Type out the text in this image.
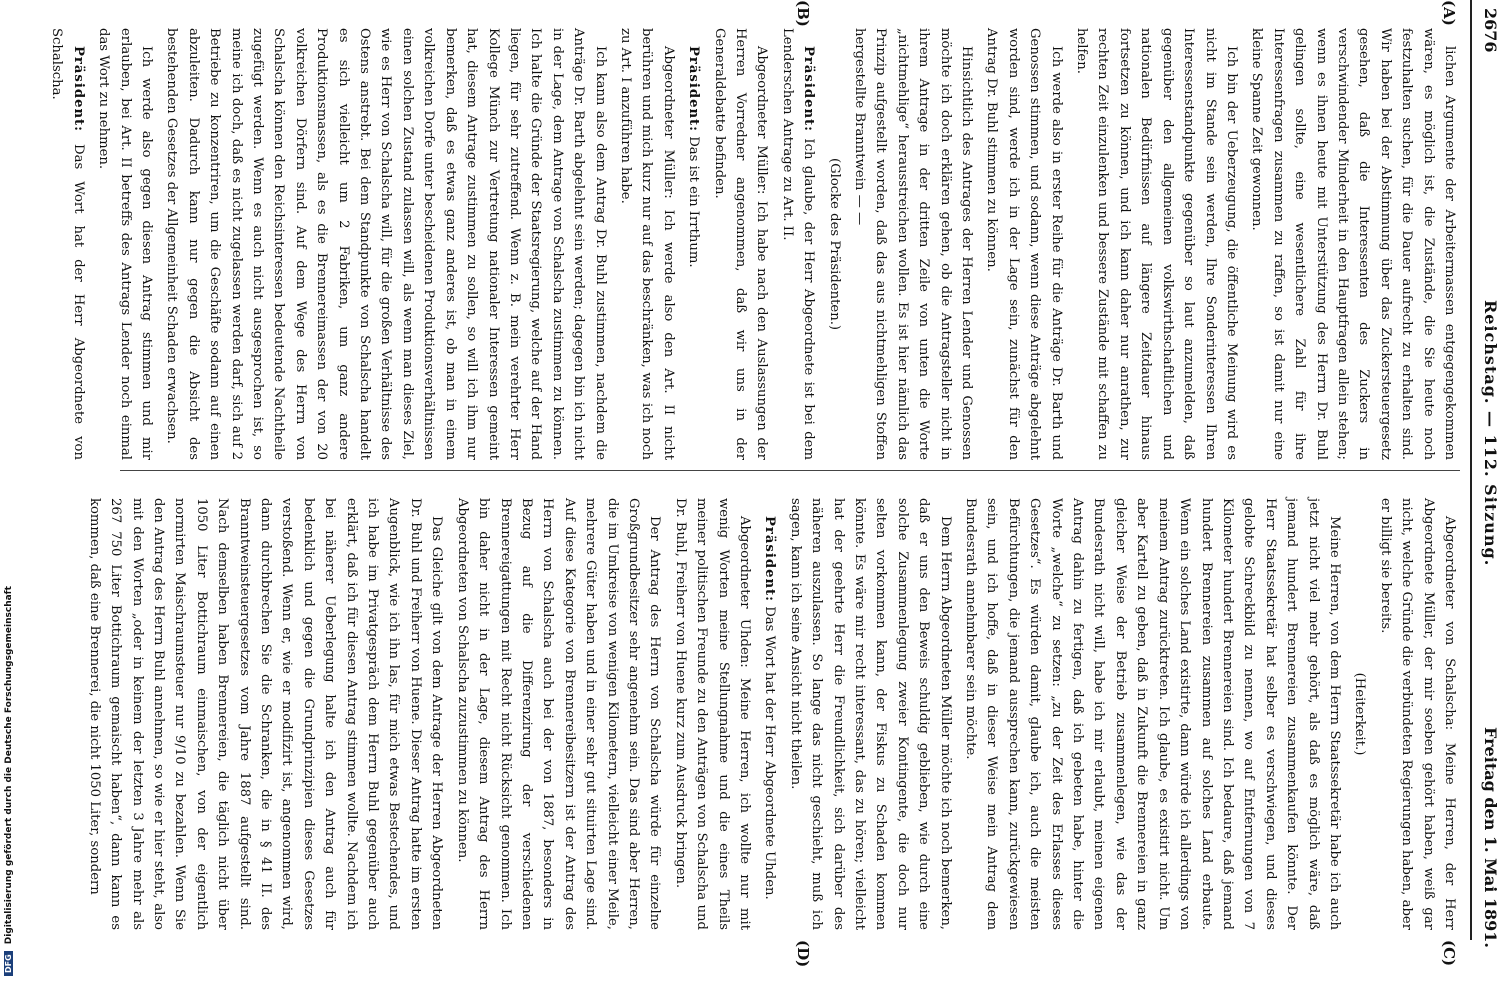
2676
Reichstag. — 112. Sitzung.
Freitag den 1. Mai 1891.
(A)
(B)
(C)
(D)

lichen Argumente der Arbeitermassen entgegengekommen wären, es möglich ist, die Zustände, die Sie heute noch festzuhalten suchen, für die Dauer aufrecht zu erhalten sind. Wir haben bei der Abstimmung über das Zuckersteuergesetz gesehen, daß die Interessenten des Zuckers in verschwindender Minderheit in den Hauptfragen allein stehen; wenn es ihnen heute mit Unterstützung des Herrn Dr. Buhl gelingen sollte, eine wesentlichere Zahl für ihre Interessenfragen zusammen zu raffen, so ist damit nur eine kleine Spanne Zeit gewonnen.

Ich bin der Ueberzeugung, die öffentliche Meinung wird es nicht im Stande sein werden, Ihre Sonderinteressen Ihren Interessenstandpunkte gegenüber so laut anzumelden, daß gegenüber den allgemeinen volkswirthschaftlichen und nationalen Bedürfnissen auf längere Zeitdauer hinaus fortsetzen zu können, und ich kann daher nur anrathen, zur rechten Zeit einzulenken und bessere Zustände mit schaffen zu helfen.

Ich werde also in erster Reihe für die Anträge Dr. Barth und Genossen stimmen, und sodann, wenn diese Anträge abgelehnt worden sind, werde ich in der Lage sein, zunächst für den Antrag Dr. Buhl stimmen zu können.

Hinsichtlich des Antrages der Herren Lender und Genossen möchte ich doch erklären gehen, ob die Antragsteller nicht in ihrem Antrage in der dritten Zeile von unten die Worte „nichtmehlige“ herausstreichen wollen. Es ist hier nämlich das Prinzip aufgestellt worden, daß das aus nichtmehligen Stoffen hergestellte Branntwein — —

(Glocke des Präsidenten.)

Präsident: Ich glaube, der Herr Abgeordnete ist bei dem Lenderschen Antrage zu Art. II.

Abgeordneter Müller: Ich habe nach den Auslassungen der Herren Vorredner angenommen, daß wir uns in der Generaldebatte befinden.

Präsident: Das ist ein Irrthum.

Abgeordneter Müller: Ich werde also den Art. II nicht berühren und mich kurz nur auf das beschränken, was ich noch zu Art. I anzuführen habe.

Ich kann also dem Antrag Dr. Buhl zustimmen, nachdem die Anträge Dr. Barth abgelehnt sein werden; dagegen bin ich nicht in der Lage, dem Antrage von Schalscha zustimmen zu können. Ich halte die Gründe der Staatsregierung, welche auf der Hand liegen, für sehr zutreffend. Wenn z. B. mein verehrter Herr Kollege Münch zur Vertretung nationaler Interessen gemeint hat, diesem Antrage zustimmen zu sollen, so will ich ihm nur bemerken, daß es etwas ganz anderes ist, ob man in einem volkreichen Dorfe unter bescheidenen Produktionsverhältnissen einen solchen Zustand zulassen will, als wenn man dieses Ziel, wie es Herr von Schalscha will, für die großen Verhältnisse des Ostens anstrebt. Bei dem Standpunkte von Schalscha handelt es sich vielleicht um 2 Fabriken, um ganz andere Produktionsmassen, als es die Brennereimassen der von 20 volkreichen Dörfern sind. Auf dem Wege des Herrn von Schalscha können den Reichsinteressen bedeutende Nachtheile zugefügt werden. Wenn es auch nicht ausgesprochen ist, so meine ich doch, daß es nicht zugelassen werden darf, sich auf 2 Betriebe zu konzentriren, um die Geschäfte sodann auf einen abzuleiten. Dadurch kann nur gegen die Absicht des bestehenden Gesetzes der Allgemeinheit Schaden erwachsen.

Ich werde also gegen diesen Antrag stimmen und mir erlauben, bei Art. II betreffs des Antrags Lender noch einmal das Wort zu nehmen.

Präsident: Das Wort hat der Herr Abgeordnete von Schalscha.

Abgeordneter von Schalscha: Meine Herren, der Herr Abgeordnete Müller, der mir soeben gehört haben, weiß gar nicht, welche Gründe die verbündeten Regierungen haben, aber er billigt sie bereits.

(Heiterkeit.)

Meine Herren, von dem Herrn Staatssekretär habe ich auch jetzt nicht viel mehr gehört, als daß es möglich wäre, daß jemand hundert Brennereien zusammenkaufen könnte. Der Herr Staatssekretär hat selber es verschwiegen, und dieses gelobte Schreckbild zu nennen, wo auf Entfernungen von 7 Kilometer hundert Brennereien sind. Ich bedaure, daß jemand hundert Brennereien zusammen auf solches Land erbaute. Wenn ein solches Land existirte, dann würde ich allerdings von meinem Antrag zurücktreten. Ich glaube, es existirt nicht. Um aber Kartell zu geben, daß in Zukunft die Brennereien in ganz gleicher Weise der Betrieb zusammenlegen, wie das der Bundesrath nicht will, habe ich mir erlaubt, meinen eigenen Antrag dahin zu fertigen, daß ich gebeten habe, hinter die Worte „welche“ zu setzen: „zu der Zeit des Erlasses dieses Gesetzes“. Es würden damit, glaube ich, auch die meisten Befürchtungen, die jemand aussprechen kann, zurückgewiesen sein, und ich hoffe, daß in dieser Weise mein Antrag dem Bundesrath annehmbarer sein möchte.

Dem Herrn Abgeordneten Müller möchte ich noch bemerken, daß er uns den Beweis schuldig geblieben, wie durch eine solche Zusammenlegung zweier Kontingente, die doch nur selten vorkommen kann, der Fiskus zu Schaden kommen könnte. Es wäre mir recht interessant, das zu hören; vielleicht hat der geehrte Herr die Freundlichkeit, sich darüber des näheren auszulassen. So lange das nicht geschieht, muß ich sagen, kann ich seine Ansicht nicht theilen.

Präsident: Das Wort hat der Herr Abgeordnete Uhden.

Abgeordneter Uhden: Meine Herren, ich wollte nur mit wenig Worten meine Stellungnahme und die eines Theils meiner politischen Freunde zu den Anträgen von Schalscha und Dr. Buhl, Freiherr von Huene kurz zum Ausdruck bringen.

Der Antrag des Herrn von Schalscha würde für einzelne Großgrundbesitzer sehr angenehm sein. Das sind aber Herren, die im Umkreise von wenigen Kilometern, vielleicht einer Meile, mehrere Güter haben und in einer sehr gut situirten Lage sind. Auf diese Kategorie von Brennereibesitzern ist der Antrag des Herrn von Schalscha auch bei der von 1887, besonders in Bezug auf die Differenzirung der verschiedenen Brennereigattungen mit Recht nicht Rücksicht genommen. Ich bin daher nicht in der Lage, diesem Antrag des Herrn Abgeordneten von Schalscha zuzustimmen zu können.

Das Gleiche gilt von dem Antrage der Herren Abgeordneten Dr. Buhl und Freiherr von Huene. Dieser Antrag hatte im ersten Augenblick, wie ich ihn las, für mich etwas Bestechendes, und ich habe im Privatgespräch dem Herrn Buhl gegenüber auch erklärt, daß ich für diesen Antrag stimmen wollte. Nachdem ich bei näherer Ueberlegung halte ich den Antrag auch für bedenklich und gegen die Grundprinzipien dieses Gesetzes verstoßend. Wenn er, wie er modifizirt ist, angenommen wird, dann durchbrechen Sie die Schranken, die in § 41 II. des Branntweinsteuergesetzes vom Jahre 1887 aufgestellt sind. Nach demselben haben Brennereien, die täglich nicht über 1050 Liter Bottichraum einmaischen, von der eigentlich normirten Maischraumsteuer nur 9/10 zu bezahlen. Wenn Sie den Antrag des Herrn Buhl annehmen, so wie er hier steht, also mit den Worten „oder in keinem der letzten 3 Jahre mehr als 267 750 Liter Bottichraum gemaischt haben“, dann kann es kommen, daß eine Brennerei, die nicht 1050 Liter, sondern

DFG Digitalisierung gefördert durch die Deutsche Forschungsgemeinschaft
